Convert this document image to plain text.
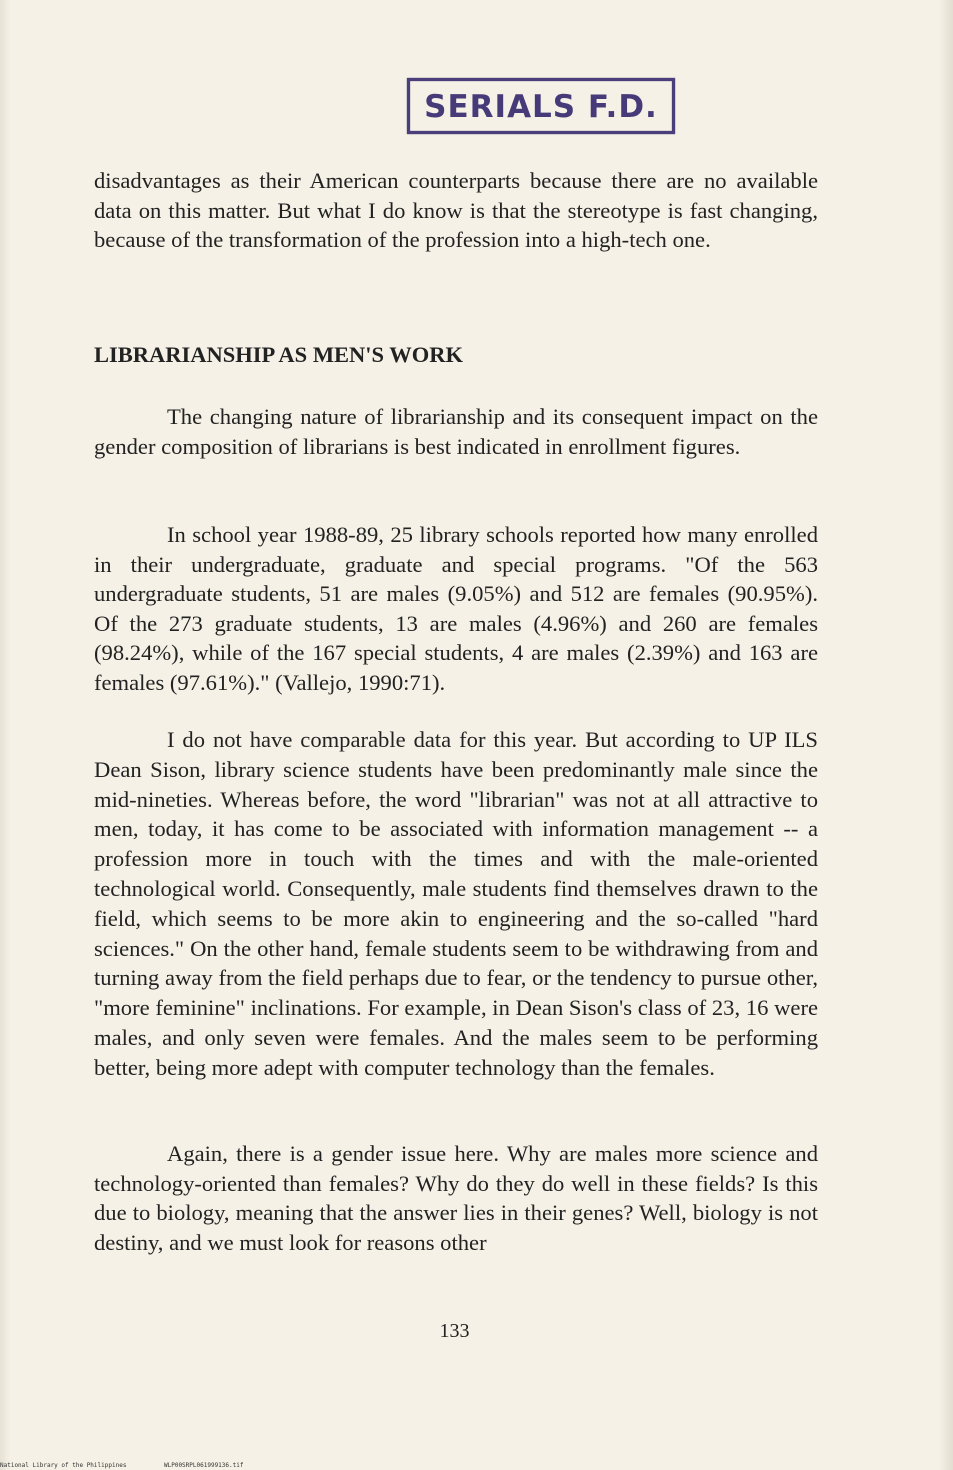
SERIALS F.D.

disadvantages as their American counterparts because there are no available data on this matter. But what I do know is that the stereotype is fast changing, because of the transformation of the profession into a high-tech one.

LIBRARIANSHIP AS MEN'S WORK

The changing nature of librarianship and its consequent impact on the gender composition of librarians is best indicated in enrollment figures.

In school year 1988-89, 25 library schools reported how many enrolled in their undergraduate, graduate and special programs. "Of the 563 undergraduate students, 51 are males (9.05%) and 512 are females (90.95%). Of the 273 graduate students, 13 are males (4.96%) and 260 are females (98.24%), while of the 167 special students, 4 are males (2.39%) and 163 are females (97.61%)." (Vallejo, 1990:71).

I do not have comparable data for this year. But according to UP ILS Dean Sison, library science students have been predominantly male since the mid-nineties. Whereas before, the word "librarian" was not at all attractive to men, today, it has come to be associated with information management -- a profession more in touch with the times and with the male-oriented technological world. Consequently, male students find themselves drawn to the field, which seems to be more akin to engineering and the so-called "hard sciences." On the other hand, female students seem to be withdrawing from and turning away from the field perhaps due to fear, or the tendency to pursue other, "more feminine" inclinations. For example, in Dean Sison's class of 23, 16 were males, and only seven were females. And the males seem to be performing better, being more adept with computer technology than the females.

Again, there is a gender issue here. Why are males more science and technology-oriented than females? Why do they do well in these fields? Is this due to biology, meaning that the answer lies in their genes? Well, biology is not destiny, and we must look for reasons other

133
National Library of the Philippines	WLP00SRPL061999136.tif
